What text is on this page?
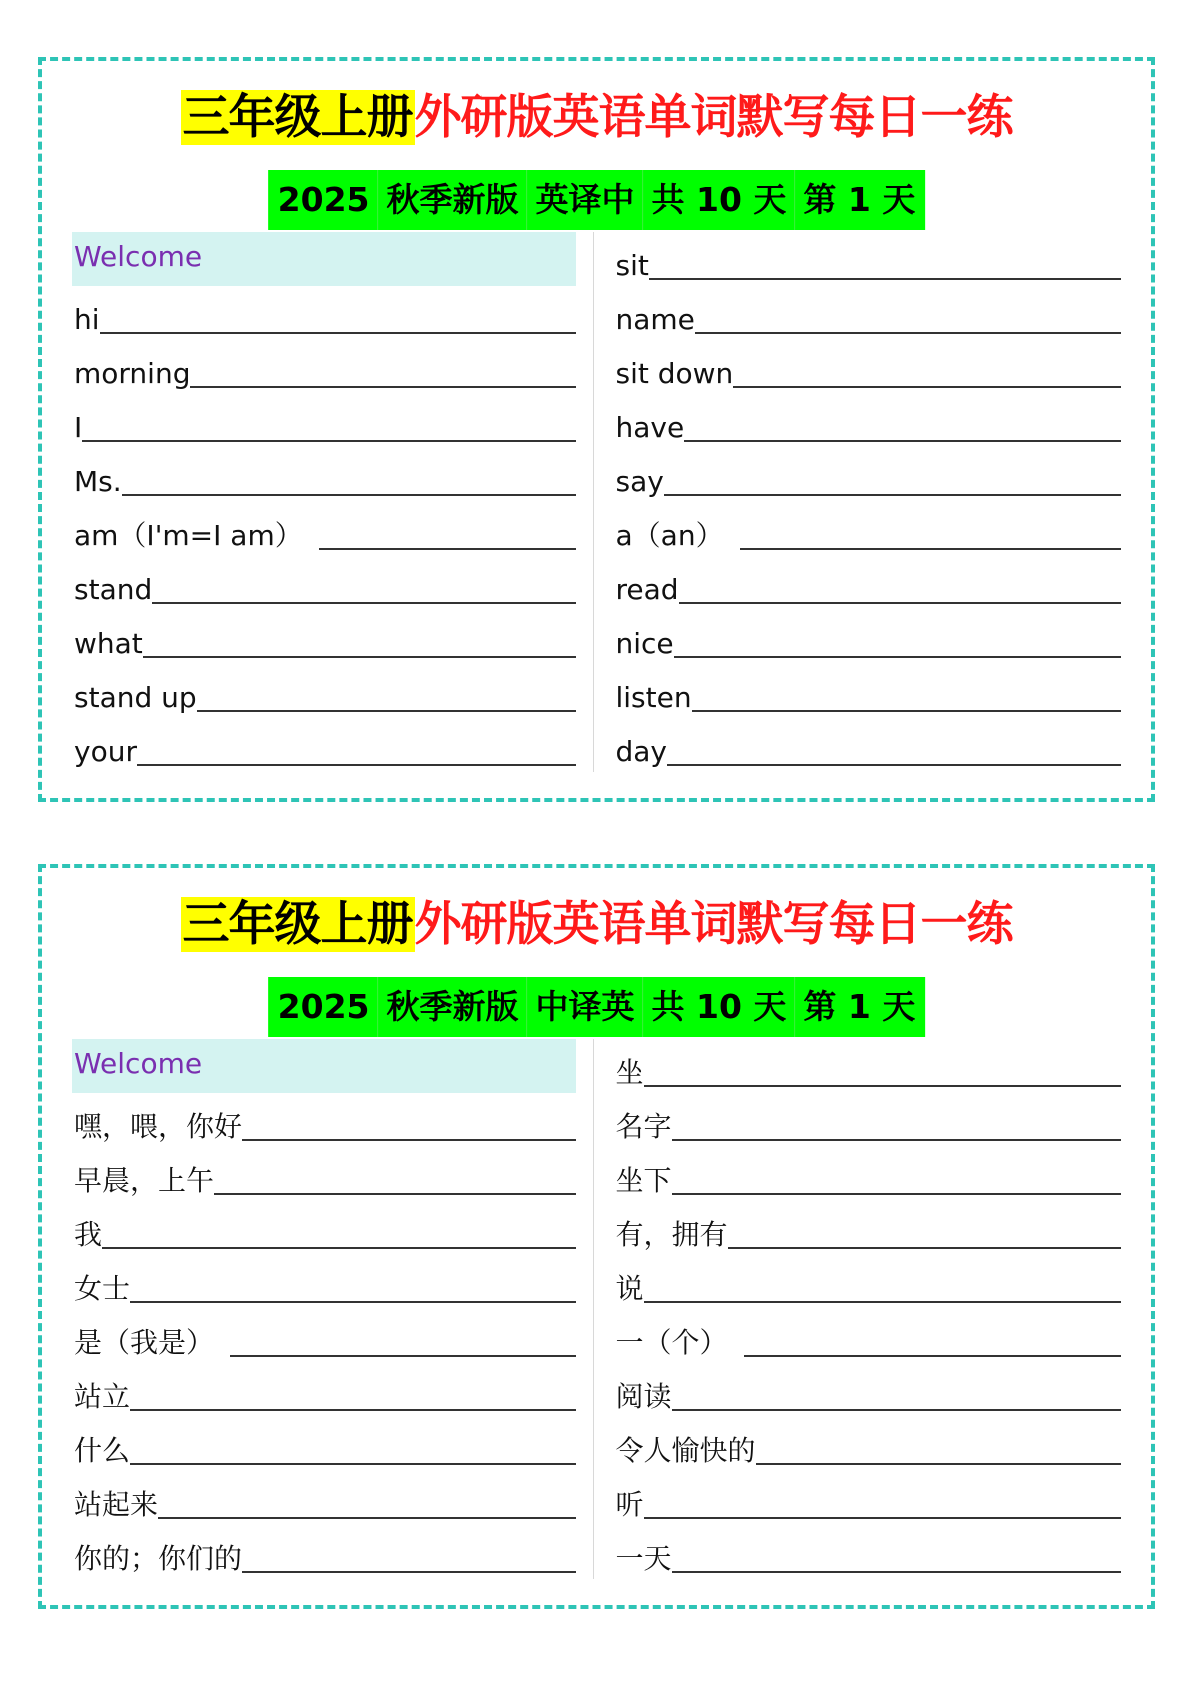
三年级上册外研版英语单词默写每日一练
2025 秋季新版 英译中 共 10 天 第 1 天
Welcome
hi
morning
I
Ms.
am（I'm=I am）
stand
what
stand up
your
sit
name
sit down
have
say
a（an）
read
nice
listen
day
三年级上册外研版英语单词默写每日一练
2025 秋季新版 中译英 共 10 天 第 1 天
Welcome
嘿，喂，你好
早晨，上午
我
女士
是（我是）
站立
什么
站起来
你的；你们的
坐
名字
坐下
有，拥有
说
一（个）
阅读
令人愉快的
听
一天
